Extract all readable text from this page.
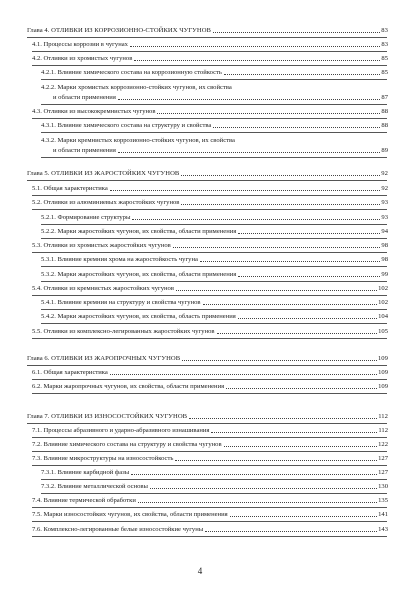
Глава 4. ОТЛИВКИ ИЗ КОРРОЗИОННО-СТОЙКИХ ЧУГУНОВ	83
4.1. Процессы коррозии в чугунах	83
4.2. Отливки из хромистых чугунов	85
4.2.1. Влияние химического состава на коррозионную стойкость	85
4.2.2. Марки хромистых коррозионно-стойких чугунов, их свойства
и области применения	87
4.3. Отливки из высококремнистых чугунов	88
4.3.1. Влияние химического состава на структуру и свойства	88
4.3.2. Марки кремнистых коррозионно-стойких чугунов, их свойства
и области применения	89
Глава 5. ОТЛИВКИ ИЗ ЖАРОСТОЙКИХ ЧУГУНОВ	92
5.1. Общая характеристика	92
5.2. Отливки из алюминиевых жаростойких чугунов	93
5.2.1. Формирование структуры	93
5.2.2. Марки жаростойких чугунов, их свойства, области применения	94
5.3. Отливки из хромистых жаростойких чугунов	98
5.3.1. Влияние кремния хрома на жаростойкость чугуна	98
5.3.2. Марки жаростойких чугунов, их свойства, области применения	99
5.4. Отливки из кремнистых жаростойких чугунов	102
5.4.1. Влияние кремния на структуру и свойства чугунов	102
5.4.2. Марки жаростойких чугунов, их свойства, область применения	104
5.5. Отливки из комплексно-легированных жаростойких чугунов	105
Глава 6. ОТЛИВКИ ИЗ ЖАРОПРОЧНЫХ ЧУГУНОВ	109
6.1. Общая характеристика	109
6.2. Марки жаропрочных чугунов, их свойства, области применения	109
Глава 7. ОТЛИВКИ ИЗ ИЗНОСОСТОЙКИХ ЧУГУНОВ	112
7.1. Процессы абразивного и ударно-абразивного изнашивания	112
7.2. Влияние химического состава на структуру и свойства чугунов	122
7.3. Влияние микроструктуры на износостойкость	127
7.3.1. Влияние карбидной фазы	127
7.3.2. Влияние металлической основы	130
7.4. Влияние термической обработки	135
7.5. Марки износостойких чугунов, их свойства, области применения	141
7.6. Комплексно-легированные белые износостойкие чугуны	143
4
